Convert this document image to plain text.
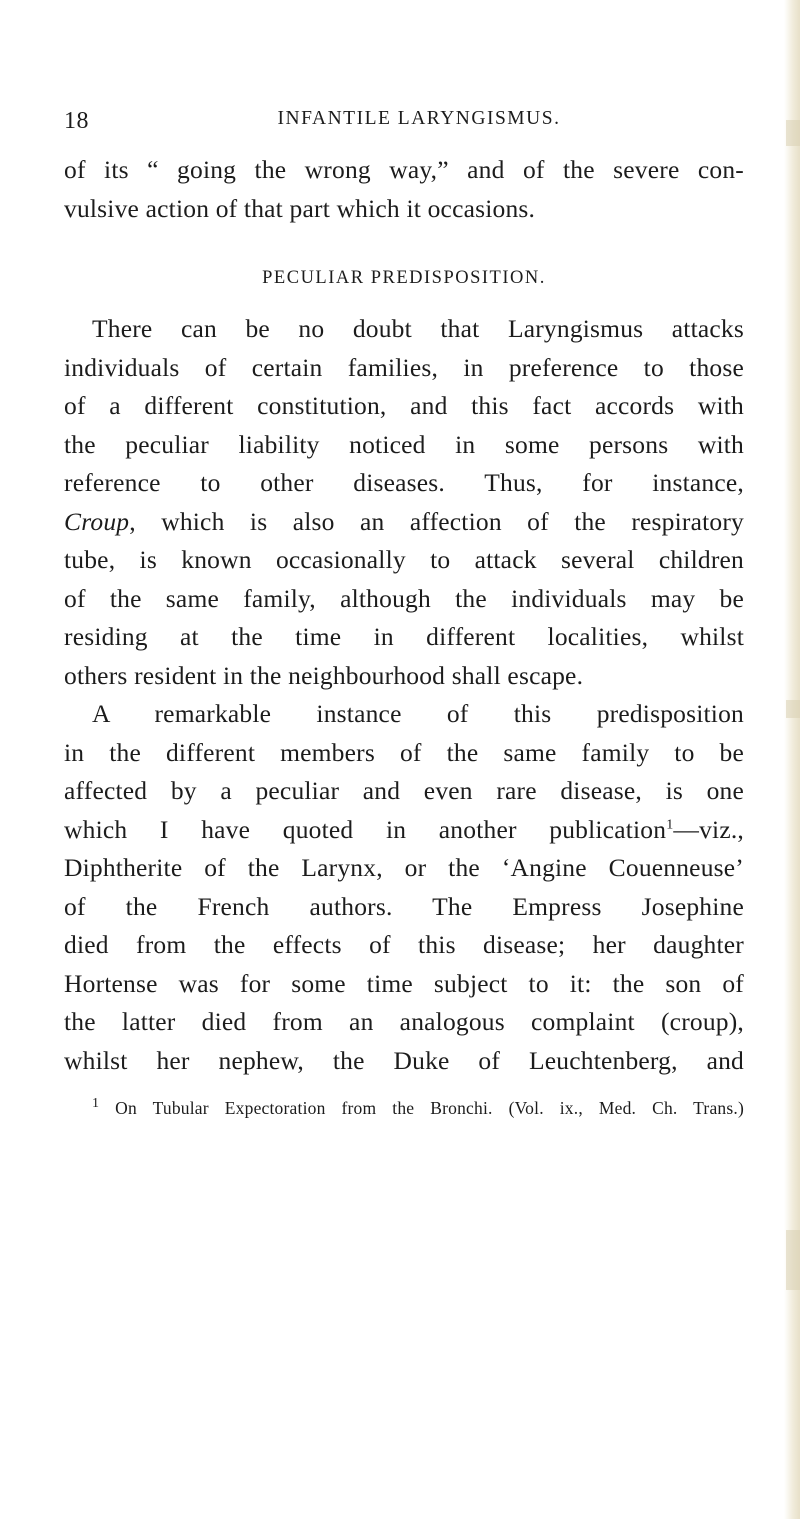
18	INFANTILE LARYNGISMUS.

of its “ going the wrong way,” and of the severe con-

vulsive action of that part which it occasions.

PECULIAR PREDISPOSITION.

There can be no doubt that Laryngismus attacks

individuals of certain families, in preference to those

of a different constitution, and this fact accords with

the peculiar liability noticed in some persons with

reference to other diseases. Thus, for instance,

Croup, which is also an affection of the respiratory

tube, is known occasionally to attack several children

of the same family, although the individuals may be

residing at the time in different localities, whilst

others resident in the neighbourhood shall escape.

A remarkable instance of this predisposition

in the different members of the same family to be

affected by a peculiar and even rare disease, is one

which I have quoted in another publication$^1$—viz.,

Diphtherite of the Larynx, or the ‘Angine Couenneuse’

of the French authors. The Empress Josephine

died from the effects of this disease; her daughter

Hortense was for some time subject to it: the son of

the latter died from an analogous complaint (croup),

whilst her nephew, the Duke of Leuchtenberg, and

$^1$ On Tubular Expectoration from the Bronchi. (Vol. ix., Med. Ch. Trans.)
